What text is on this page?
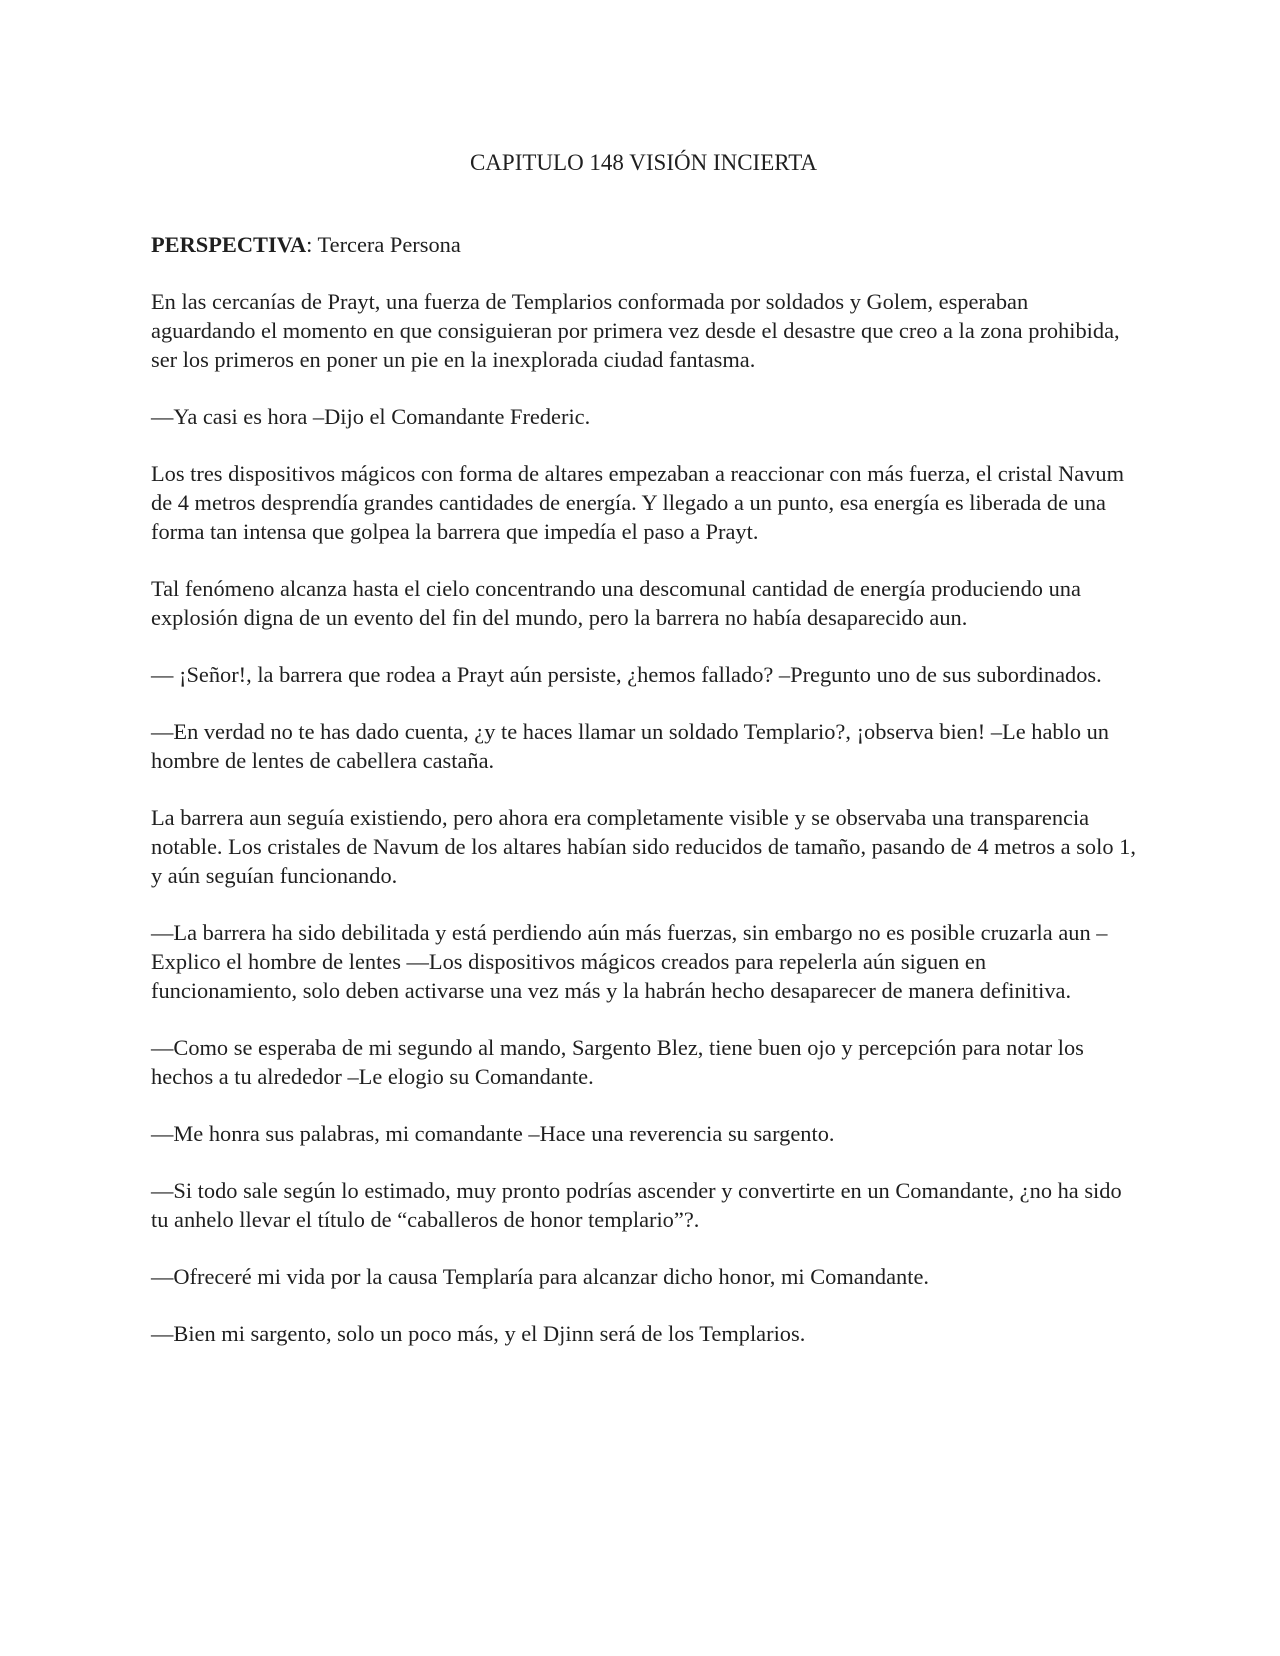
CAPITULO 148 VISIÓN INCIERTA

PERSPECTIVA: Tercera Persona

En las cercanías de Prayt, una fuerza de Templarios conformada por soldados y Golem, esperaban aguardando el momento en que consiguieran por primera vez desde el desastre que creo a la zona prohibida, ser los primeros en poner un pie en la inexplorada ciudad fantasma.

—Ya casi es hora –Dijo el Comandante Frederic.

Los tres dispositivos mágicos con forma de altares empezaban a reaccionar con más fuerza, el cristal Navum de 4 metros desprendía grandes cantidades de energía. Y llegado a un punto, esa energía es liberada de una forma tan intensa que golpea la barrera que impedía el paso a Prayt.

Tal fenómeno alcanza hasta el cielo concentrando una descomunal cantidad de energía produciendo una explosión digna de un evento del fin del mundo, pero la barrera no había desaparecido aun.

— ¡Señor!, la barrera que rodea a Prayt aún persiste, ¿hemos fallado? –Pregunto uno de sus subordinados.

—En verdad no te has dado cuenta, ¿y te haces llamar un soldado Templario?, ¡observa bien! –Le hablo un hombre de lentes de cabellera castaña.

La barrera aun seguía existiendo, pero ahora era completamente visible y se observaba una transparencia notable. Los cristales de Navum de los altares habían sido reducidos de tamaño, pasando de 4 metros a solo 1, y aún seguían funcionando.

—La barrera ha sido debilitada y está perdiendo aún más fuerzas, sin embargo no es posible cruzarla aun –Explico el hombre de lentes —Los dispositivos mágicos creados para repelerla aún siguen en funcionamiento, solo deben activarse una vez más y la habrán hecho desaparecer de manera definitiva.

—Como se esperaba de mi segundo al mando, Sargento Blez, tiene buen ojo y percepción para notar los hechos a tu alrededor –Le elogio su Comandante.

—Me honra sus palabras, mi comandante –Hace una reverencia su sargento.

—Si todo sale según lo estimado, muy pronto podrías ascender y convertirte en un Comandante, ¿no ha sido tu anhelo llevar el título de “caballeros de honor templario”?.

—Ofreceré mi vida por la causa Templaría para alcanzar dicho honor, mi Comandante.

—Bien mi sargento, solo un poco más, y el Djinn será de los Templarios.
